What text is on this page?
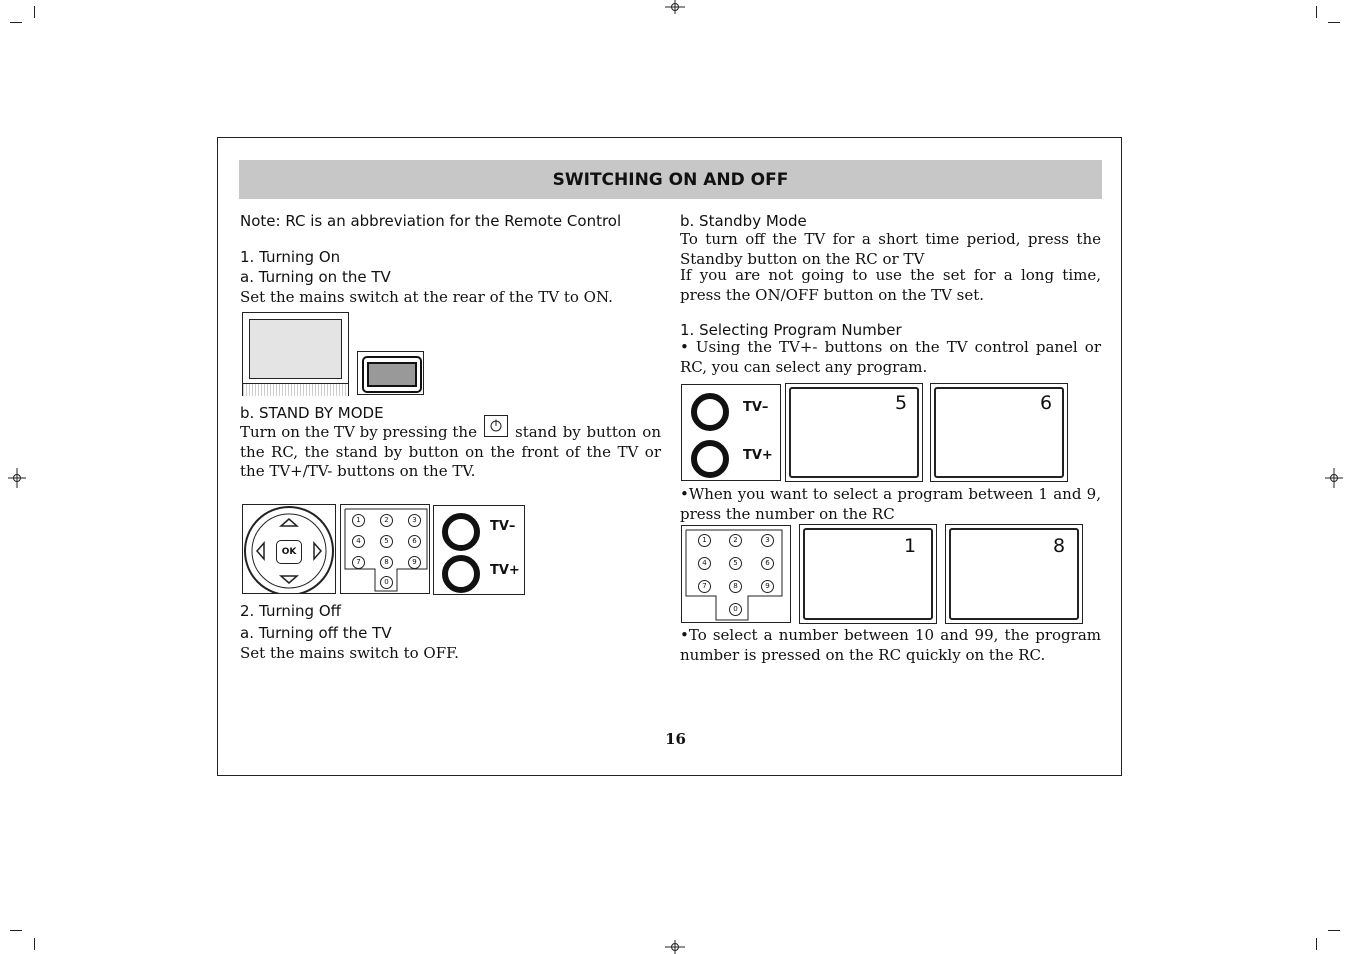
SWITCHING ON AND OFF
Note: RC is an abbreviation for the Remote Control
1. Turning On
a. Turning on the TV
Set the mains switch at the rear of the TV to ON.
b. STAND BY MODE
Turn on the TV by pressing the	stand by button on the RC, the stand by button on the front of the TV or the TV+/TV- buttons on the TV.
OK
1	2	3
4	5	6
7	8	9
0
TV–
TV+
2. Turning Off
a. Turning off the TV
Set the mains switch to OFF.
b. Standby Mode
To turn off the TV for a short time period, press the Standby button on the RC or TV
If you are not going to use the set for a long time, press the ON/OFF button on the TV set.
1. Selecting Program Number
• Using the TV+- buttons on the TV control panel or RC, you can select any program.
TV–
TV+
5	6
•When you want to select a program between 1 and 9, press the number on the RC
1	2	3
4	5	6
7	8	9
0
1	8
•To select a number between 10 and 99, the program number is pressed on the RC quickly on the RC.
16
